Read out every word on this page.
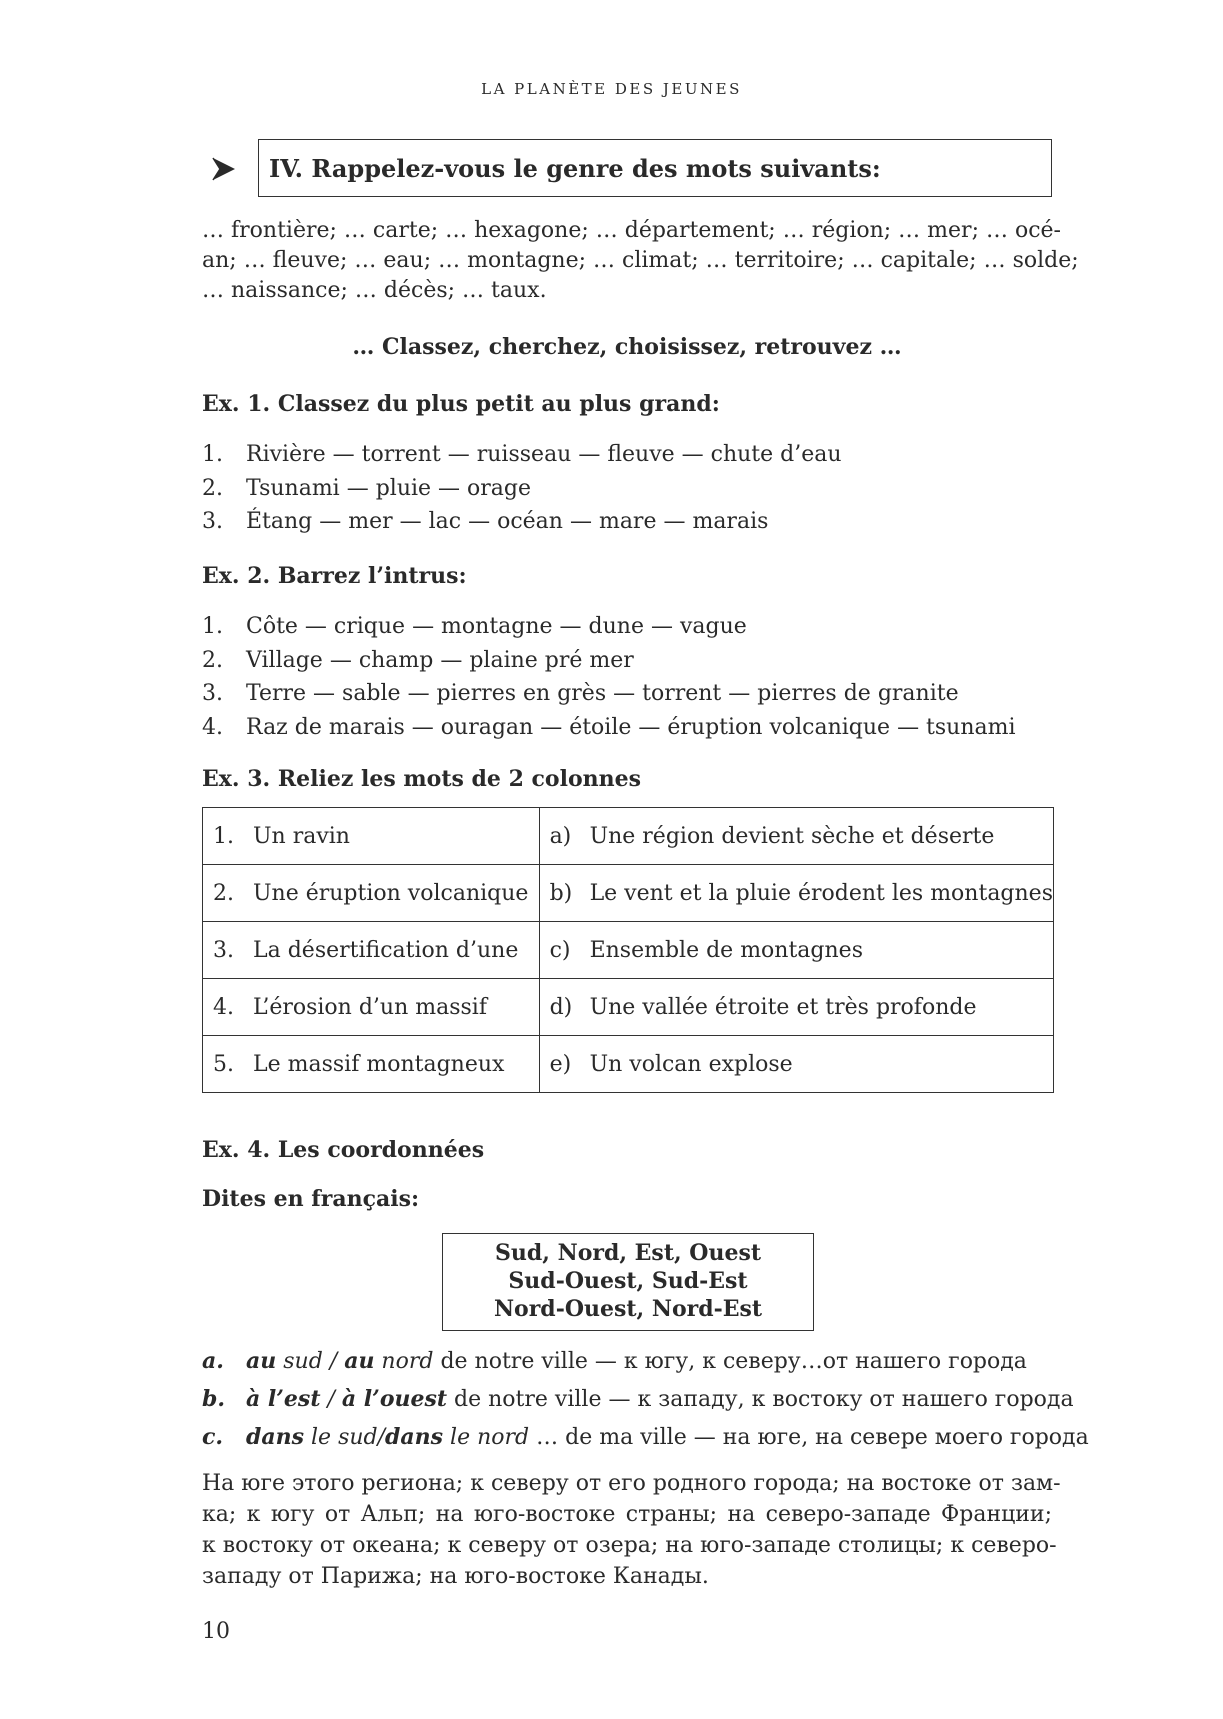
LA PLANÈTE DES JEUNES
IV. Rappelez-vous le genre des mots suivants:
… frontière; … carte; … hexagone; … département; … région; … mer; … océ-
an; … fleuve; … eau; … montagne; … climat; … territoire; … capitale; … solde;
… naissance; … décès; … taux.
… Classez, cherchez, choisissez, retrouvez …
Ex. 1. Classez du plus petit au plus grand:
1. Rivière — torrent — ruisseau — fleuve — chute d’eau
2. Tsunami — pluie — orage
3. Étang — mer — lac — océan — mare — marais
Ex. 2. Barrez l’intrus:
1. Côte — crique — montagne — dune — vague
2. Village — champ — plaine pré mer
3. Terre — sable — pierres en grès — torrent — pierres de granite
4. Raz de marais — ouragan — étoile — éruption volcanique — tsunami
Ex. 3. Reliez les mots de 2 colonnes
1. Un ravin	a) Une région devient sèche et déserte
2. Une éruption volcanique	b) Le vent et la pluie érodent les montagnes
3. La désertification d’une	c) Ensemble de montagnes
4. L’érosion d’un massif	d) Une vallée étroite et très profonde
5. Le massif montagneux	e) Un volcan explose
Ex. 4. Les coordonnées
Dites en français:
Sud, Nord, Est, Ouest
Sud-Ouest, Sud-Est
Nord-Ouest, Nord-Est
a. au sud / au nord de notre ville — к югу, к северу…от нашего города
b. à l’est / à l’ouest de notre ville — к западу, к востоку от нашего города
c. dans le sud/dans le nord … de ma ville — на юге, на севере моего города
На юге этого региона; к северу от его родного города; на востоке от зам-
ка; к югу от Альп; на юго-востоке страны; на северо-западе Франции;
к востоку от океана; к северу от озера; на юго-западе столицы; к северо-
западу от Парижа; на юго-востоке Канады.
10
